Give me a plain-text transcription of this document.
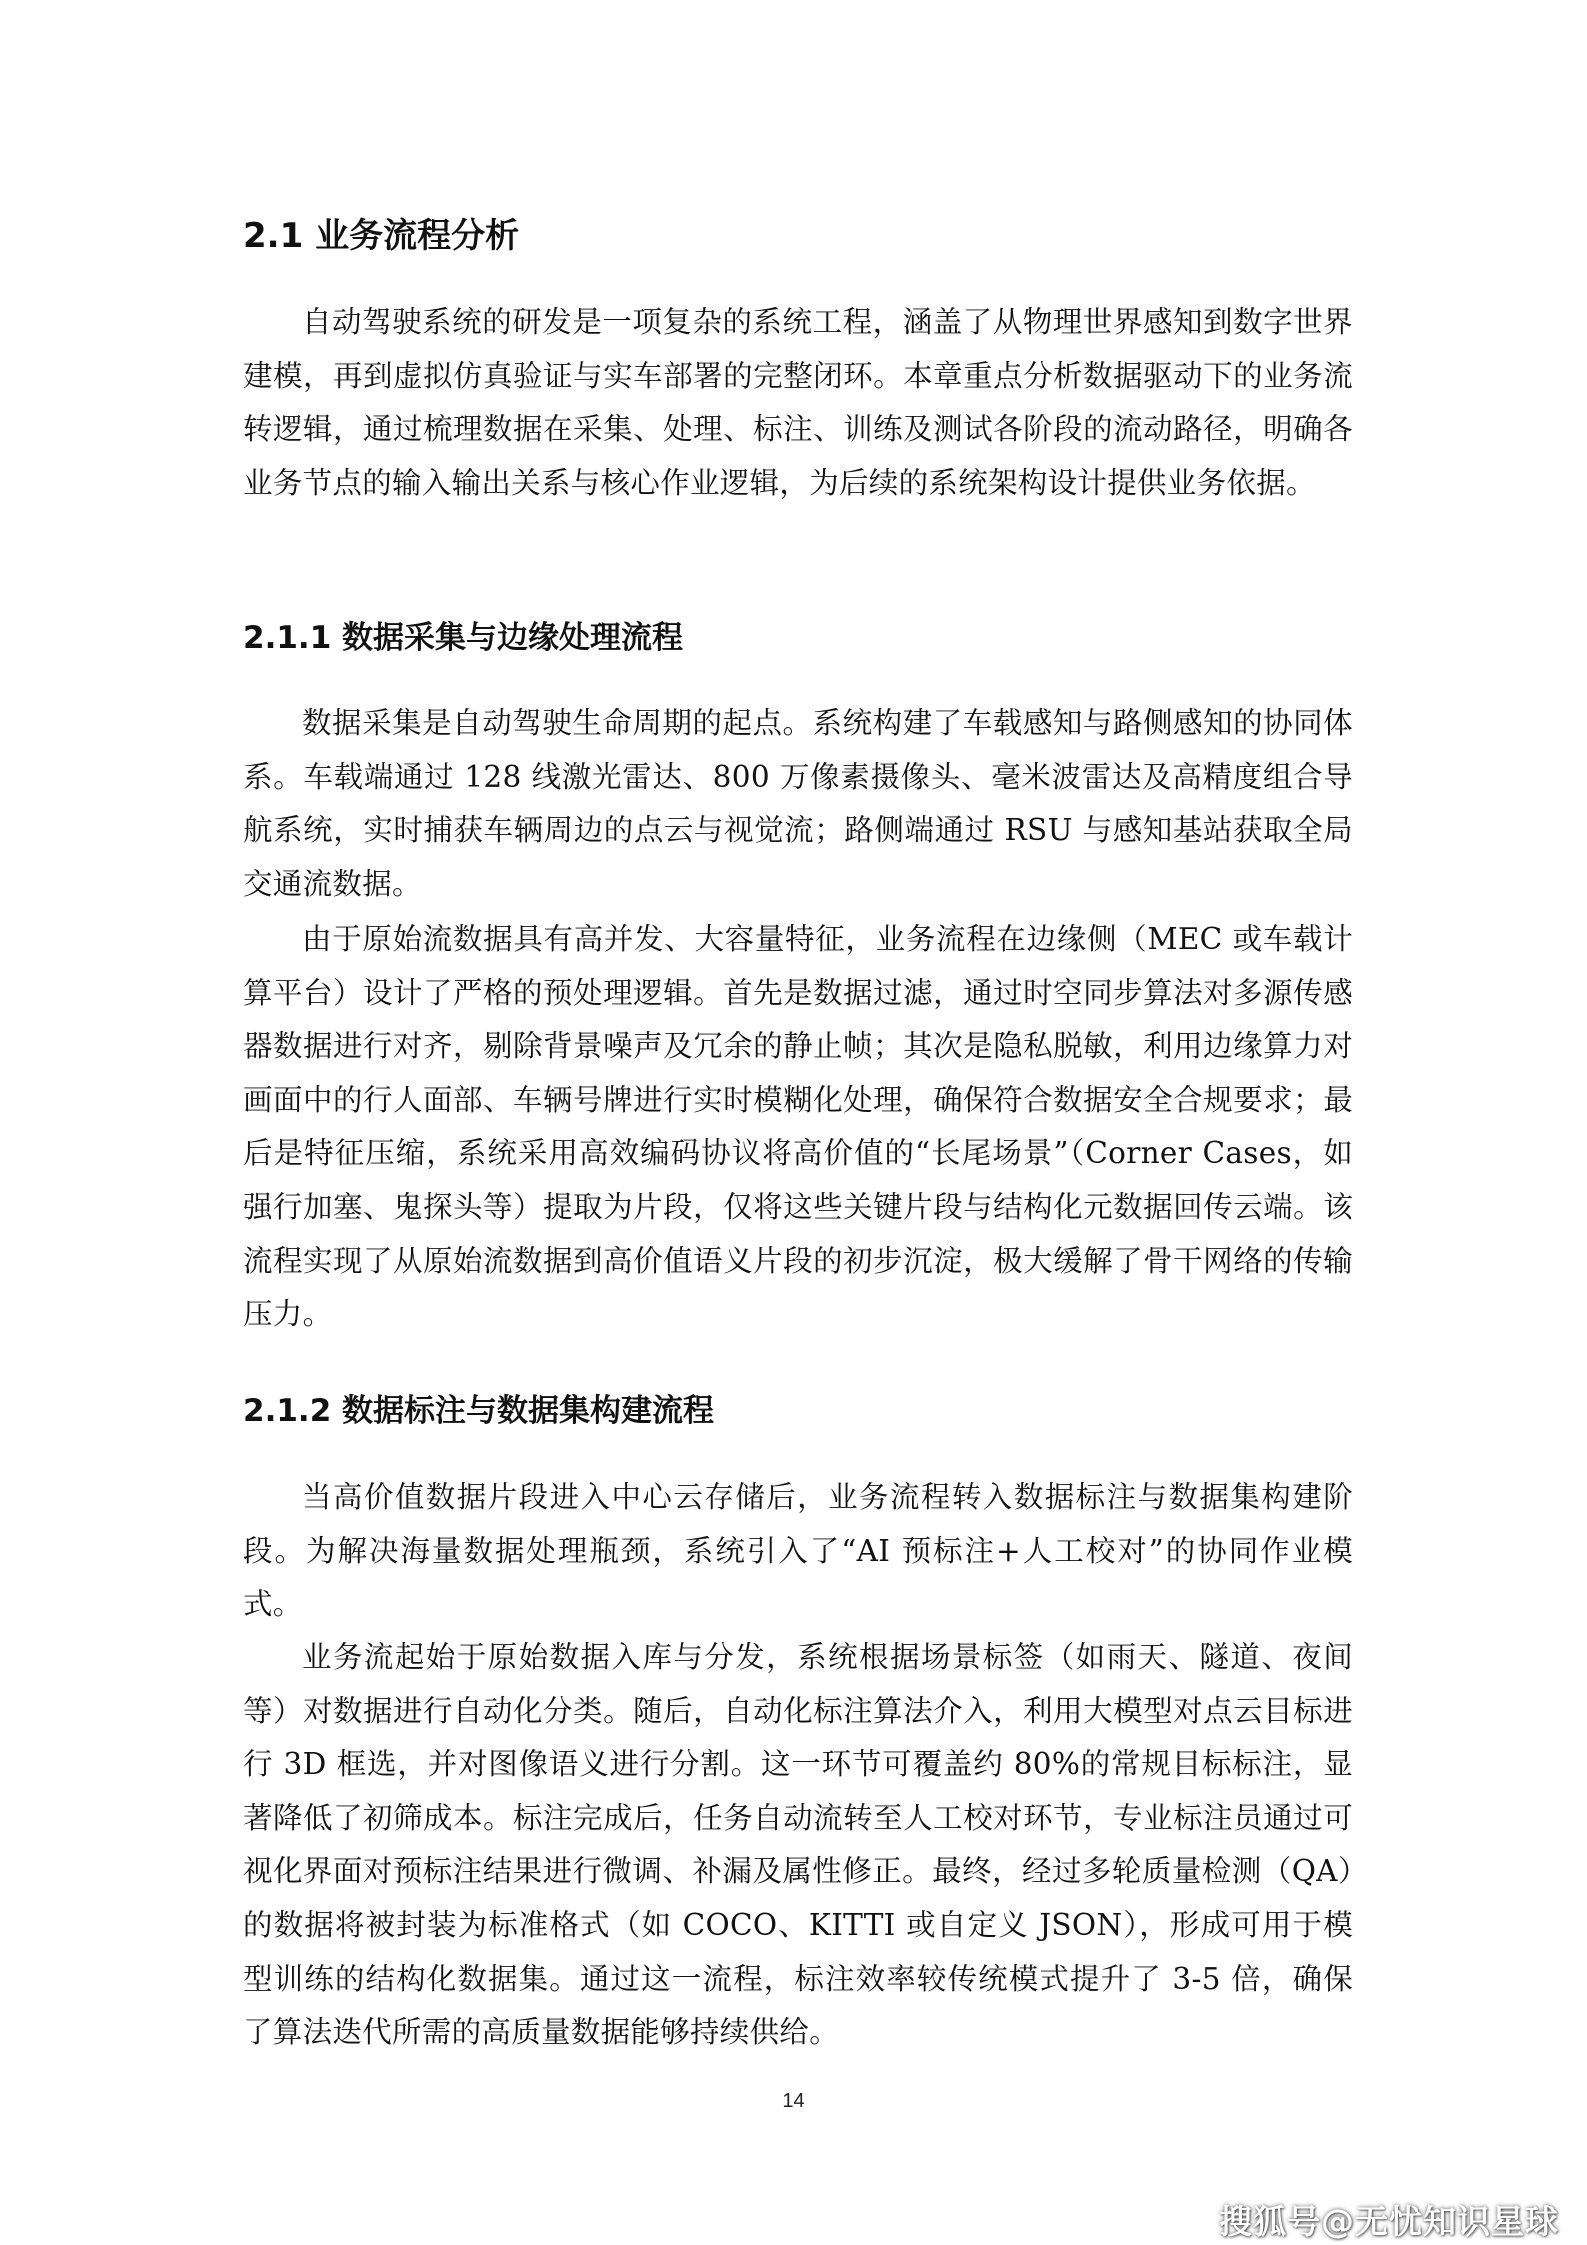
2.1 业务流程分析

自动驾驶系统的研发是一项复杂的系统工程，涵盖了从物理世界感知到数字世界建模，再到虚拟仿真验证与实车部署的完整闭环。本章重点分析数据驱动下的业务流转逻辑，通过梳理数据在采集、处理、标注、训练及测试各阶段的流动路径，明确各业务节点的输入输出关系与核心作业逻辑，为后续的系统架构设计提供业务依据。

2.1.1 数据采集与边缘处理流程

数据采集是自动驾驶生命周期的起点。系统构建了车载感知与路侧感知的协同体系。车载端通过 128 线激光雷达、800 万像素摄像头、毫米波雷达及高精度组合导航系统，实时捕获车辆周边的点云与视觉流；路侧端通过 RSU 与感知基站获取全局交通流数据。

由于原始流数据具有高并发、大容量特征，业务流程在边缘侧（MEC 或车载计算平台）设计了严格的预处理逻辑。首先是数据过滤，通过时空同步算法对多源传感器数据进行对齐，剔除背景噪声及冗余的静止帧；其次是隐私脱敏，利用边缘算力对画面中的行人面部、车辆号牌进行实时模糊化处理，确保符合数据安全合规要求；最后是特征压缩，系统采用高效编码协议将高价值的“长尾场景”（Corner Cases，如强行加塞、鬼探头等）提取为片段，仅将这些关键片段与结构化元数据回传云端。该流程实现了从原始流数据到高价值语义片段的初步沉淀，极大缓解了骨干网络的传输压力。

2.1.2 数据标注与数据集构建流程

当高价值数据片段进入中心云存储后，业务流程转入数据标注与数据集构建阶段。为解决海量数据处理瓶颈，系统引入了“AI 预标注+人工校对”的协同作业模式。

业务流起始于原始数据入库与分发，系统根据场景标签（如雨天、隧道、夜间等）对数据进行自动化分类。随后，自动化标注算法介入，利用大模型对点云目标进行 3D 框选，并对图像语义进行分割。这一环节可覆盖约 80%的常规目标标注，显著降低了初筛成本。标注完成后，任务自动流转至人工校对环节，专业标注员通过可视化界面对预标注结果进行微调、补漏及属性修正。最终，经过多轮质量检测（QA）的数据将被封装为标准格式（如 COCO、KITTI 或自定义 JSON），形成可用于模型训练的结构化数据集。通过这一流程，标注效率较传统模式提升了 3-5 倍，确保了算法迭代所需的高质量数据能够持续供给。

14
搜狐号@无忧知识星球
